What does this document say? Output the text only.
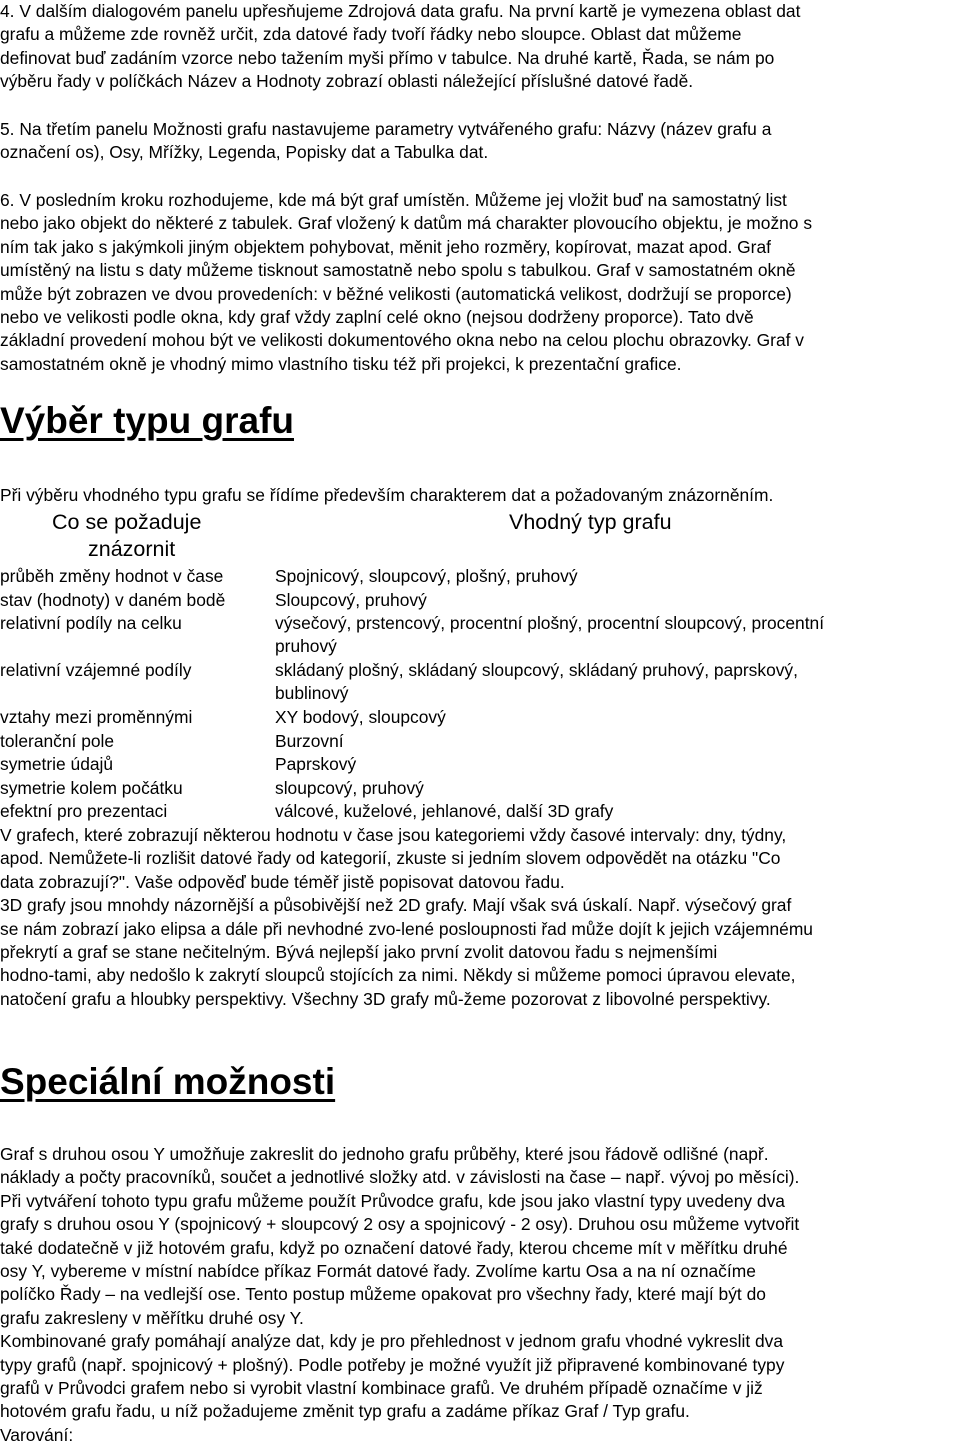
4. V dalším dialogovém panelu upřesňujeme Zdrojová data grafu. Na první kartě je vymezena oblast dat
grafu a můžeme zde rovněž určit, zda datové řady tvoří řádky nebo sloupce. Oblast dat můžeme
definovat buď zadáním vzorce nebo tažením myši přímo v tabulce. Na druhé kartě, Řada, se nám po
výběru řady v políčkách Název a Hodnoty zobrazí oblasti náležející příslušné datové řadě.
5. Na třetím panelu Možnosti grafu nastavujeme parametry vytvářeného grafu: Názvy (název grafu a
označení os), Osy, Mřížky, Legenda, Popisky dat a Tabulka dat.
6. V posledním kroku rozhodujeme, kde má být graf umístěn. Můžeme jej vložit buď na samostatný list
nebo jako objekt do některé z tabulek. Graf vložený k datům má charakter plovoucího objektu, je možno s
ním tak jako s jakýmkoli jiným objektem pohybovat, měnit jeho rozměry, kopírovat, mazat apod. Graf
umístěný na listu s daty můžeme tisknout samostatně nebo spolu s tabulkou. Graf v samostatném okně
může být zobrazen ve dvou provedeních: v běžné velikosti (automatická velikost, dodržují se proporce)
nebo ve velikosti podle okna, kdy graf vždy zaplní celé okno (nejsou dodrženy proporce). Tato dvě
základní provedení mohou být ve velikosti dokumentového okna nebo na celou plochu obrazovky. Graf v
samostatném okně je vhodný mimo vlastního tisku též při projekci, k prezentační grafice.
Výběr typu grafu
Při výběru vhodného typu grafu se řídíme především charakterem dat a požadovaným znázorněním.
Co se požaduje
znázornit
Vhodný typ grafu
průběh změny hodnot v čase	Spojnicový, sloupcový, plošný, pruhový
stav (hodnoty) v daném bodě	Sloupcový, pruhový
relativní podíly na celku	výsečový, prstencový, procentní plošný, procentní sloupcový, procentní
pruhový
relativní vzájemné podíly	skládaný plošný, skládaný sloupcový, skládaný pruhový, paprskový,
bublinový
vztahy mezi proměnnými	XY bodový, sloupcový
toleranční pole	Burzovní
symetrie údajů	Paprskový
symetrie kolem počátku	sloupcový, pruhový
efektní pro prezentaci	válcové, kuželové, jehlanové, další 3D grafy
V grafech, které zobrazují některou hodnotu v čase jsou kategoriemi vždy časové intervaly: dny, týdny,
apod. Nemůžete-li rozlišit datové řady od kategorií, zkuste si jedním slovem odpovědět na otázku "Co
data zobrazují?". Vaše odpověď bude téměř jistě popisovat datovou řadu.
3D grafy jsou mnohdy názornější a působivější než 2D grafy. Mají však svá úskalí. Např. výsečový graf
se nám zobrazí jako elipsa a dále při nevhodné zvo-lené posloupnosti řad může dojít k jejich vzájemnému
překrytí a graf se stane nečitelným. Bývá nejlepší jako první zvolit datovou řadu s nejmenšími
hodno-tami, aby nedošlo k zakrytí sloupců stojících za nimi. Někdy si můžeme pomoci úpravou elevate,
natočení grafu a hloubky perspektivy. Všechny 3D grafy mů-žeme pozorovat z libovolné perspektivy.
Speciální možnosti
Graf s druhou osou Y umožňuje zakreslit do jednoho grafu průběhy, které jsou řádově odlišné (např.
náklady a počty pracovníků, součet a jednotlivé složky atd. v závislosti na čase – např. vývoj po měsíci).
Při vytváření tohoto typu grafu můžeme použít Průvodce grafu, kde jsou jako vlastní typy uvedeny dva
grafy s druhou osou Y (spojnicový + sloupcový 2 osy a spojnicový - 2 osy). Druhou osu můžeme vytvořit
také dodatečně v již hotovém grafu, když po označení datové řady, kterou chceme mít v měřítku druhé
osy Y, vybereme v místní nabídce příkaz Formát datové řady. Zvolíme kartu Osa a na ní označíme
políčko Řady – na vedlejší ose. Tento postup můžeme opakovat pro všechny řady, které mají být do
grafu zakresleny v měřítku druhé osy Y.
Kombinované grafy pomáhají analýze dat, kdy je pro přehlednost v jednom grafu vhodné vykreslit dva
typy grafů (např. spojnicový + plošný). Podle potřeby je možné využít již připravené kombinované typy
grafů v Průvodci grafem nebo si vyrobit vlastní kombinace grafů. Ve druhém případě označíme v již
hotovém grafu řadu, u níž požadujeme změnit typ grafu a zadáme příkaz Graf / Typ grafu.
Varování:
